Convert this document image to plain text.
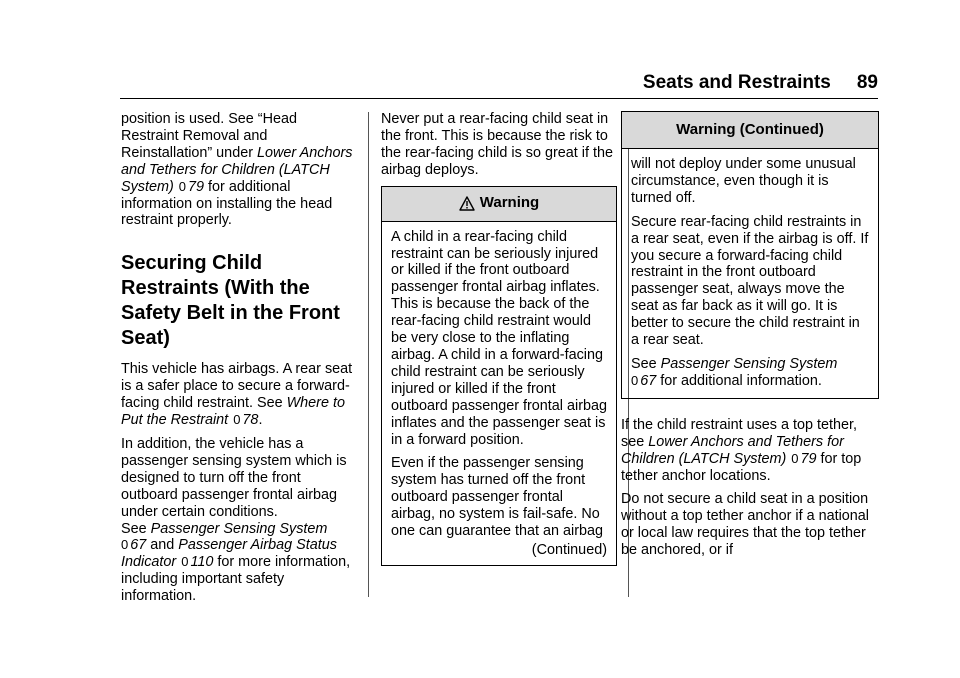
Seats and Restraints 89

position is used. See “Head Restraint Removal and Reinstallation” under Lower Anchors and Tethers for Children (LATCH System) 0 79 for additional information on installing the head restraint properly.

Securing Child Restraints (With the Safety Belt in the Front Seat)

This vehicle has airbags. A rear seat is a safer place to secure a forward-facing child restraint. See Where to Put the Restraint 0 78.

In addition, the vehicle has a passenger sensing system which is designed to turn off the front outboard passenger frontal airbag under certain conditions.
See Passenger Sensing System
0 67 and Passenger Airbag Status Indicator 0 110 for more information, including important safety information.

Never put a rear-facing child seat in the front. This is because the risk to the rear-facing child is so great if the airbag deploys.

Warning

A child in a rear-facing child restraint can be seriously injured or killed if the front outboard passenger frontal airbag inflates. This is because the back of the rear-facing child restraint would be very close to the inflating airbag. A child in a forward-facing child restraint can be seriously injured or killed if the front outboard passenger frontal airbag inflates and the passenger seat is in a forward position.

Even if the passenger sensing system has turned off the front outboard passenger frontal airbag, no system is fail-safe. No one can guarantee that an airbag

(Continued)
Warning (Continued)

will not deploy under some unusual circumstance, even though it is turned off.

Secure rear-facing child restraints in a rear seat, even if the airbag is off. If you secure a forward-facing child restraint in the front outboard passenger seat, always move the seat as far back as it will go. It is better to secure the child restraint in a rear seat.

See Passenger Sensing System
0 67 for additional information.

If the child restraint uses a top tether, see Lower Anchors and Tethers for Children (LATCH System) 0 79 for top tether anchor locations.

Do not secure a child seat in a position without a top tether anchor if a national or local law requires that the top tether be anchored, or if
